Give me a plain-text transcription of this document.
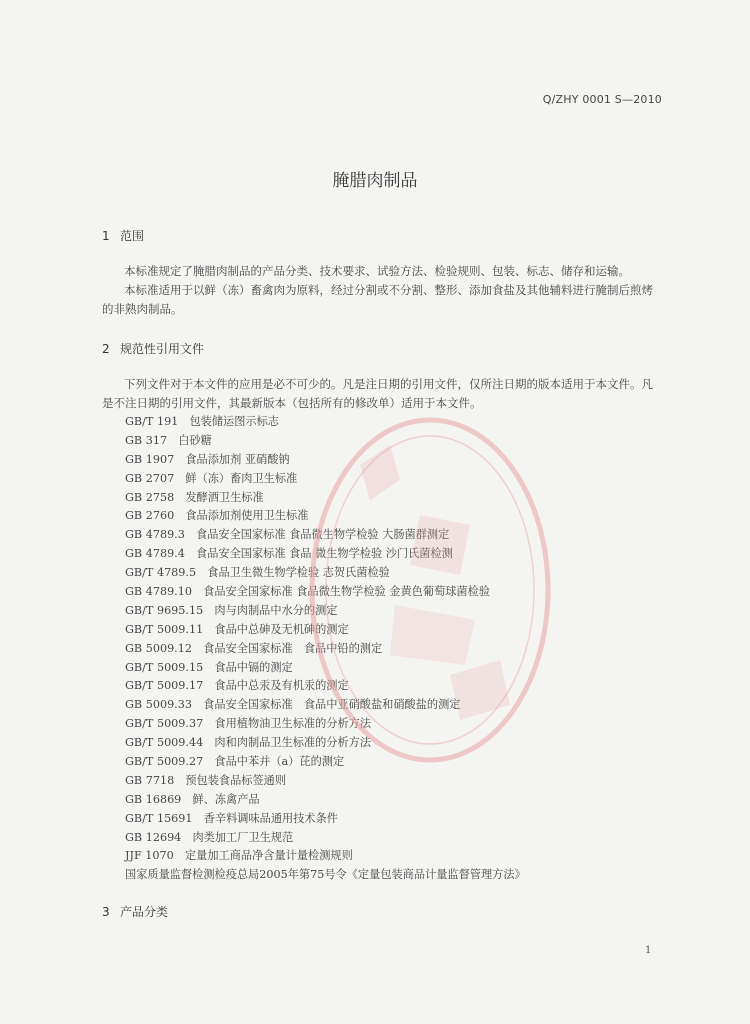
Q/ZHY 0001 S—2010
腌腊肉制品
1 范围
本标准规定了腌腊肉制品的产品分类、技术要求、试验方法、检验规则、包装、标志、储存和运输。
本标准适用于以鲜（冻）畜禽肉为原料，经过分割或不分割、整形、添加食盐及其他辅料进行腌制后煎烤的非熟肉制品。
2 规范性引用文件
下列文件对于本文件的应用是必不可少的。凡是注日期的引用文件，仅所注日期的版本适用于本文件。凡是不注日期的引用文件，其最新版本（包括所有的修改单）适用于本文件。
GB/T 191　包装储运图示标志
GB 317　白砂糖
GB 1907　食品添加剂 亚硝酸钠
GB 2707　鲜（冻）畜肉卫生标准
GB 2758　发酵酒卫生标准
GB 2760　食品添加剂使用卫生标准
GB 4789.3　食品安全国家标准 食品微生物学检验 大肠菌群测定
GB 4789.4　食品安全国家标准 食品 微生物学检验 沙门氏菌检测
GB/T 4789.5　食品卫生微生物学检验 志贺氏菌检验
GB 4789.10　食品安全国家标准 食品微生物学检验 金黄色葡萄球菌检验
GB/T 9695.15　肉与肉制品中水分的测定
GB/T 5009.11　食品中总砷及无机砷的测定
GB 5009.12　食品安全国家标准　食品中铅的测定
GB/T 5009.15　食品中镉的测定
GB/T 5009.17　食品中总汞及有机汞的测定
GB 5009.33　食品安全国家标准　食品中亚硝酸盐和硝酸盐的测定
GB/T 5009.37　食用植物油卫生标准的分析方法
GB/T 5009.44　肉和肉制品卫生标准的分析方法
GB/T 5009.27　食品中苯并（a）芘的测定
GB 7718　预包装食品标签通则
GB 16869　鲜、冻禽产品
GB/T 15691　香辛料调味品通用技术条件
GB 12694　肉类加工厂卫生规范
JJF 1070　定量加工商品净含量计量检测规则
国家质量监督检测检疫总局2005年第75号令《定量包装商品计量监督管理方法》
3 产品分类
1
